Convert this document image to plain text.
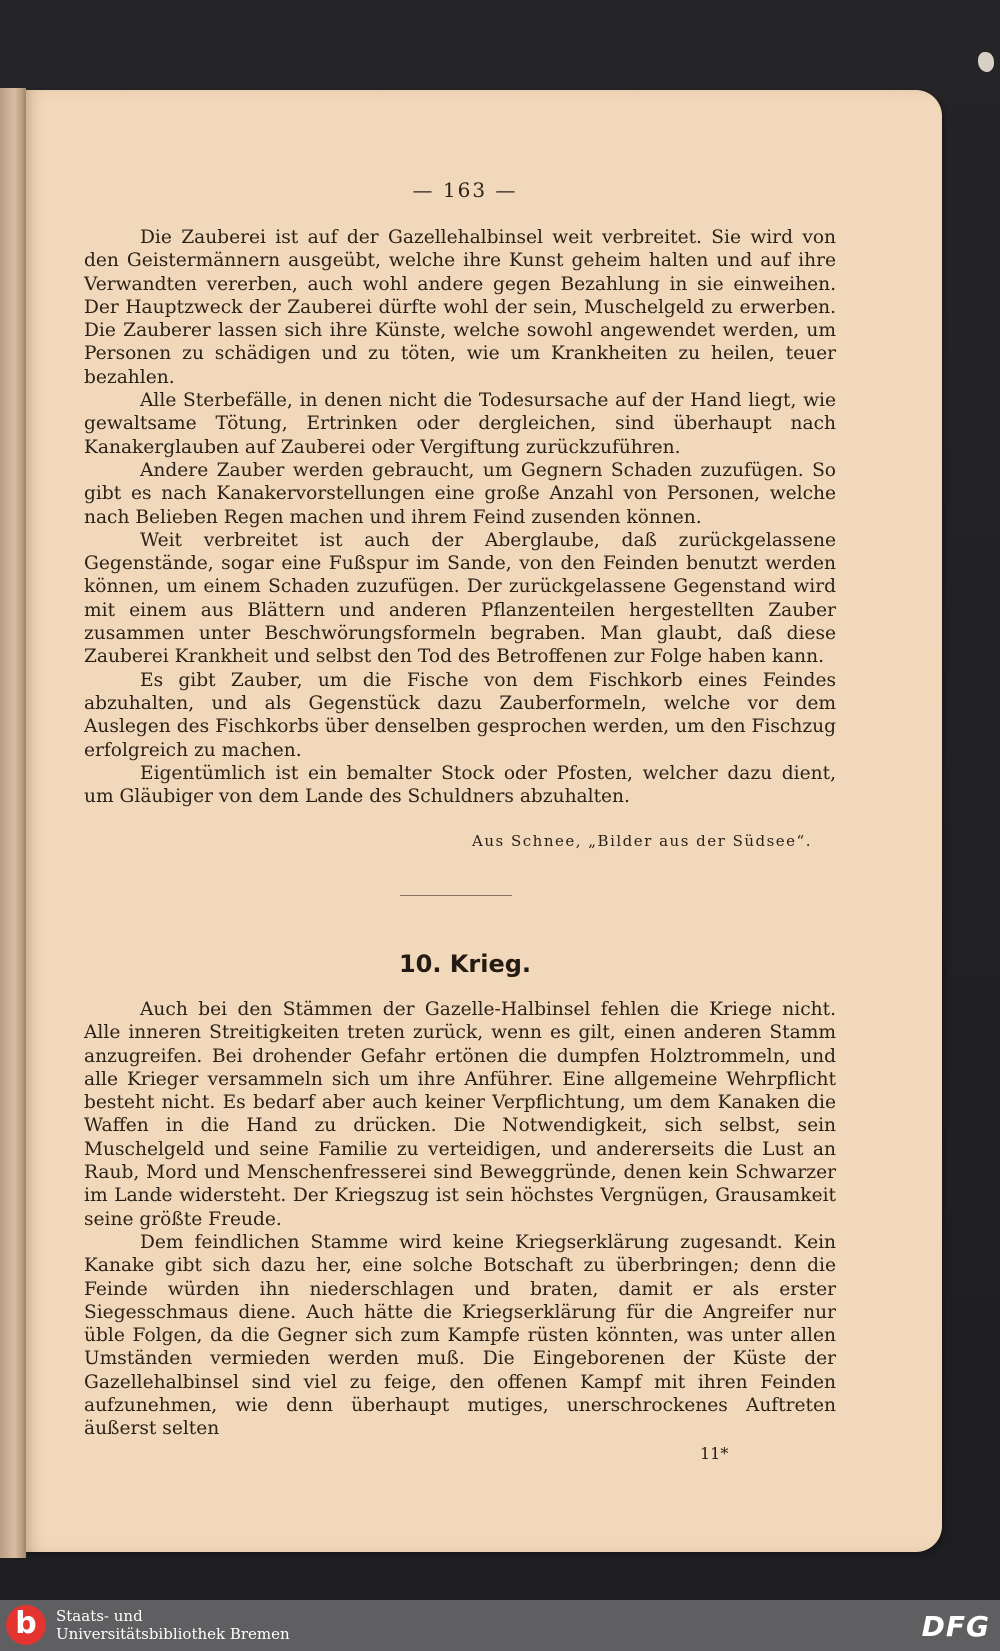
— 163 —

Die Zauberei ist auf der Gazellehalbinsel weit verbreitet. Sie wird von den Geistermännern ausgeübt, welche ihre Kunst geheim halten und auf ihre Verwandten vererben, auch wohl andere gegen Bezahlung in sie einweihen. Der Hauptzweck der Zauberei dürfte wohl der sein, Muschelgeld zu erwerben. Die Zauberer lassen sich ihre Künste, welche sowohl angewendet werden, um Personen zu schädigen und zu töten, wie um Krankheiten zu heilen, teuer bezahlen.

Alle Sterbefälle, in denen nicht die Todesursache auf der Hand liegt, wie gewaltsame Tötung, Ertrinken oder dergleichen, sind überhaupt nach Kanakerglauben auf Zauberei oder Vergiftung zurückzuführen.

Andere Zauber werden gebraucht, um Gegnern Schaden zuzufügen. So gibt es nach Kanakervorstellungen eine große Anzahl von Personen, welche nach Belieben Regen machen und ihrem Feind zusenden können.

Weit verbreitet ist auch der Aberglaube, daß zurückgelassene Gegenstände, sogar eine Fußspur im Sande, von den Feinden benutzt werden können, um einem Schaden zuzufügen. Der zurückgelassene Gegenstand wird mit einem aus Blättern und anderen Pflanzenteilen hergestellten Zauber zusammen unter Beschwörungsformeln begraben. Man glaubt, daß diese Zauberei Krankheit und selbst den Tod des Betroffenen zur Folge haben kann.

Es gibt Zauber, um die Fische von dem Fischkorb eines Feindes abzuhalten, und als Gegenstück dazu Zauberformeln, welche vor dem Auslegen des Fischkorbs über denselben gesprochen werden, um den Fischzug erfolgreich zu machen.

Eigentümlich ist ein bemalter Stock oder Pfosten, welcher dazu dient, um Gläubiger von dem Lande des Schuldners abzuhalten.

Aus Schnee, „Bilder aus der Südsee“.
10. Krieg.

Auch bei den Stämmen der Gazelle-Halbinsel fehlen die Kriege nicht. Alle inneren Streitigkeiten treten zurück, wenn es gilt, einen anderen Stamm anzugreifen. Bei drohender Gefahr ertönen die dumpfen Holztrommeln, und alle Krieger versammeln sich um ihre Anführer. Eine allgemeine Wehrpflicht besteht nicht. Es bedarf aber auch keiner Verpflichtung, um dem Kanaken die Waffen in die Hand zu drücken. Die Notwendigkeit, sich selbst, sein Muschelgeld und seine Familie zu verteidigen, und andererseits die Lust an Raub, Mord und Menschenfresserei sind Beweggründe, denen kein Schwarzer im Lande widersteht. Der Kriegszug ist sein höchstes Vergnügen, Grausamkeit seine größte Freude.

Dem feindlichen Stamme wird keine Kriegserklärung zugesandt. Kein Kanake gibt sich dazu her, eine solche Botschaft zu überbringen; denn die Feinde würden ihn niederschlagen und braten, damit er als erster Siegesschmaus diene. Auch hätte die Kriegserklärung für die Angreifer nur üble Folgen, da die Gegner sich zum Kampfe rüsten könnten, was unter allen Umständen vermieden werden muß. Die Eingeborenen der Küste der Gazellehalbinsel sind viel zu feige, den offenen Kampf mit ihren Feinden aufzunehmen, wie denn überhaupt mutiges, unerschrockenes Auftreten äußerst selten

11*
b	Staats- und
Universitätsbibliothek Bremen	DFG
